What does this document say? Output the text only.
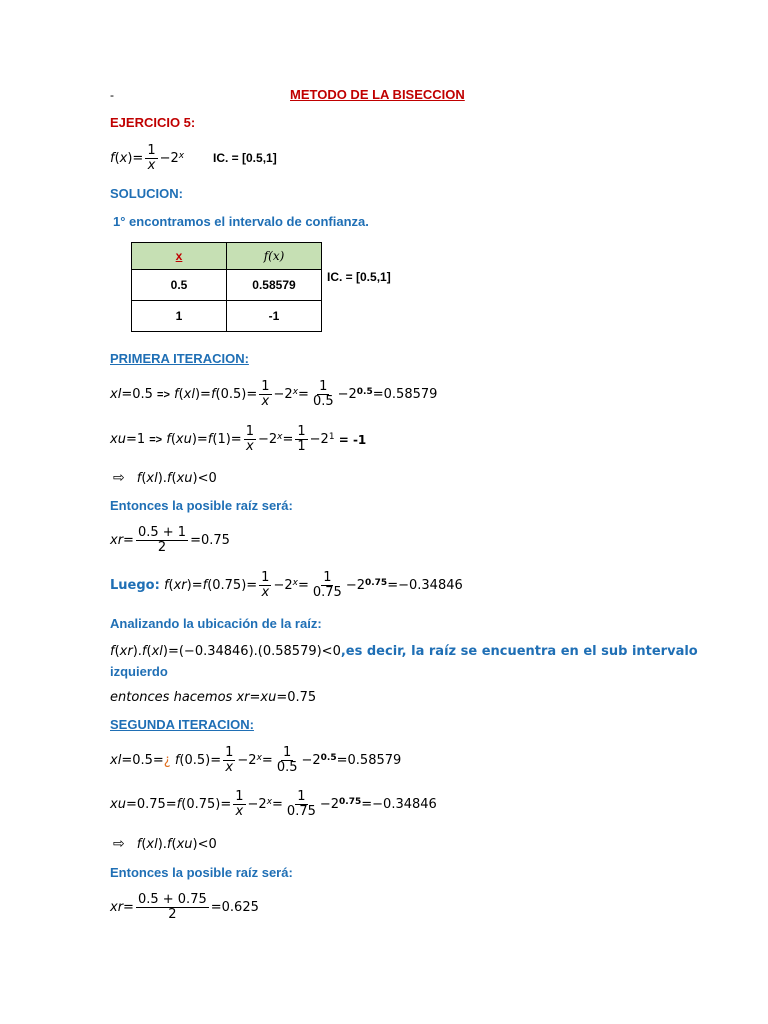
-	METODO DE LA BISECCION
EJERCICIO 5:
f ( x )= $\frac{1}{x} -2^x$ IC. = [0.5,1]
SOLUCION:
1° encontramos el intervalo de confianza.
x	f(x)
0.5	0.58579
1	-1
IC. = [0.5,1]
PRIMERA ITERACION:
xl =0.5 =>
f ( xl )= f $(0.5)= \frac{1}{x} -2^x = \frac{1}{0.5} -2^{0.5} = 0.58579$
xu =1 =>
f ( xu )= f $(1)= \frac{1}{x} -2^x = \frac{1}{1} -2^1$
= -1
⇨ f ( xl ). f ( xu )<0
Entonces la posible raíz será:
xr = $\frac{0.5 + 1}{2} = 0.75$
Luego:
f ( xr )= f $(0.75)= \frac{1}{x} -2^x = \frac{1}{0.75} -2^{0.75} = -0.34846$
Analizando la ubicación de la raíz:
f ( xr ). f ( xl )=(−0.34846).(0.58579)<0 ,es decir, la raíz se encuentra en el sub intervalo
izquierdo
entonces hacemos
xr = xu =0.75
SEGUNDA ITERACION:
xl =0.5= ¿
f $(0.5)= \frac{1}{x} -2^x = \frac{1}{0.5} -2^{0.5} =0.58579$
xu =0.75= f $(0.75)= \frac{1}{x} -2^x = \frac{1}{0.75} -2^{0.75} =-0.34846$
⇨ f ( xl ). f ( xu )<0
Entonces la posible raíz será:
xr = $\frac{0.5 + 0.75}{2} = 0.625$
